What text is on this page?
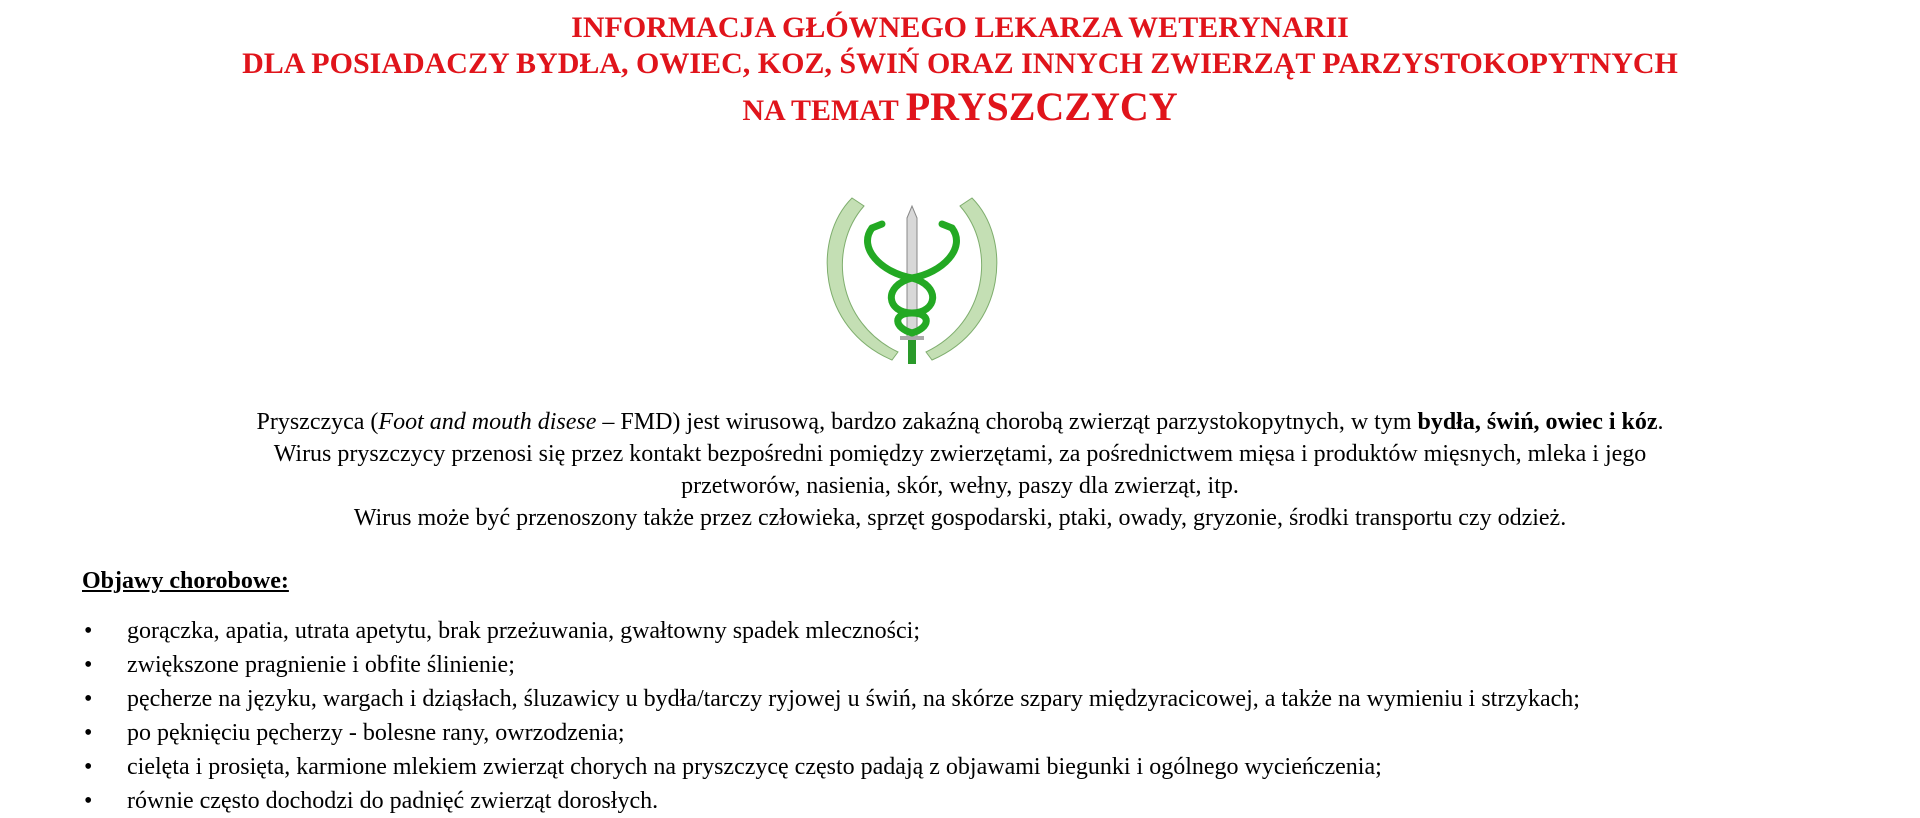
INFORMACJA GŁÓWNEGO LEKARZA WETERYNARII
DLA POSIADACZY BYDŁA, OWIEC, KOZ, ŚWIŃ ORAZ INNYCH ZWIERZĄT PARZYSTOKOPYTNYCH
NA TEMAT PRYSZCZYCY
Pryszczyca (Foot and mouth disese – FMD) jest wirusową, bardzo zakaźną chorobą zwierząt parzystokopytnych, w tym bydła, świń, owiec i kóz.
Wirus pryszczycy przenosi się przez kontakt bezpośredni pomiędzy zwierzętami, za pośrednictwem mięsa i produktów mięsnych, mleka i jego
przetworów, nasienia, skór, wełny, paszy dla zwierząt, itp.
Wirus może być przenoszony także przez człowieka, sprzęt gospodarski, ptaki, owady, gryzonie, środki transportu czy odzież.
Objawy chorobowe:
• gorączka, apatia, utrata apetytu, brak przeżuwania, gwałtowny spadek mleczności;
• zwiększone pragnienie i obfite ślinienie;
• pęcherze na języku, wargach i dziąsłach, śluzawicy u bydła/tarczy ryjowej u świń, na skórze szpary międzyracicowej, a także na wymieniu i strzykach;
• po pęknięciu pęcherzy - bolesne rany, owrzodzenia;
• cielęta i prosięta, karmione mlekiem zwierząt chorych na pryszczycę często padają z objawami biegunki i ogólnego wycieńczenia;
• równie często dochodzi do padnięć zwierząt dorosłych.
